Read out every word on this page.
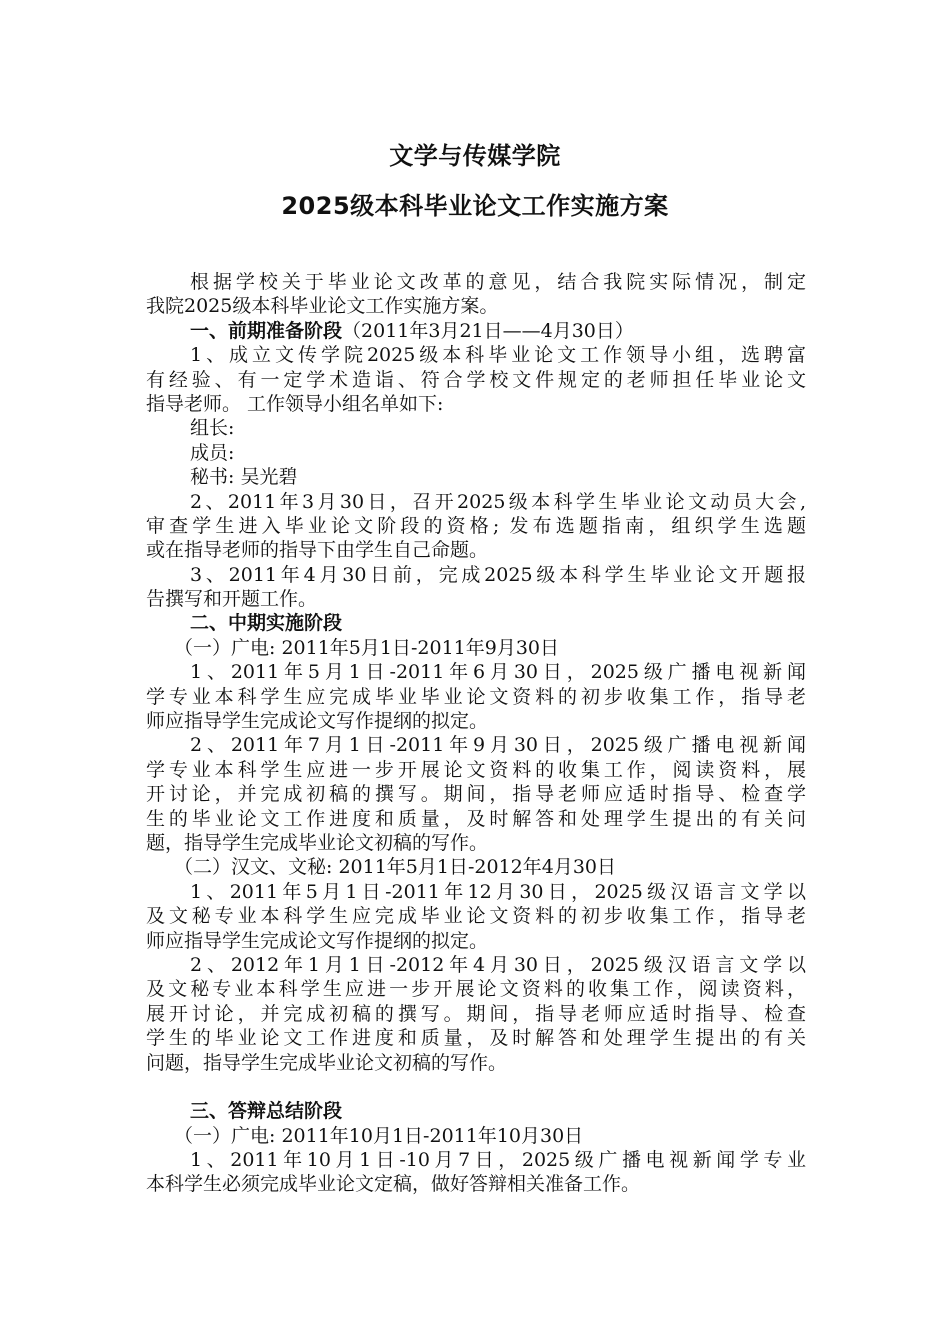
文学与传媒学院
2025级本科毕业论文工作实施方案
根据学校关于毕业论文改革的意见，结合我院实际情况，制定
我院2025级本科毕业论文工作实施方案。
一、前期准备阶段（2011年3月21日——4月30日）
1、成立文传学院2025级本科毕业论文工作领导小组，选聘富
有经验、有一定学术造诣、符合学校文件规定的老师担任毕业论文
指导老师。 工作领导小组名单如下:
组长:
成员:
秘书: 吴光碧
2、2011年3月30日，召开2025级本科学生毕业论文动员大会,
审查学生进入毕业论文阶段的资格; 发布选题指南，组织学生选题
或在指导老师的指导下由学生自己命题。
3、2011年4月30日前，完成2025级本科学生毕业论文开题报
告撰写和开题工作。
二、中期实施阶段
（一）广电: 2011年5月1日-2011年9月30日
1、2011年5月1日-2011年6月30日，2025级广播电视新闻
学专业本科学生应完成毕业毕业论文资料的初步收集工作，指导老
师应指导学生完成论文写作提纲的拟定。
2、2011年7月1日-2011年9月30日，2025级广播电视新闻
学专业本科学生应进一步开展论文资料的收集工作，阅读资料，展
开讨论，并完成初稿的撰写。期间，指导老师应适时指导、检查学
生的毕业论文工作进度和质量，及时解答和处理学生提出的有关问
题，指导学生完成毕业论文初稿的写作。
（二）汉文、文秘: 2011年5月1日-2012年4月30日
1、2011年5月1日-2011年12月30日，2025级汉语言文学以
及文秘专业本科学生应完成毕业论文资料的初步收集工作，指导老
师应指导学生完成论文写作提纲的拟定。
2、2012年1月1日-2012年4月30日，2025级汉语言文学以
及文秘专业本科学生应进一步开展论文资料的收集工作，阅读资料，
展开讨论，并完成初稿的撰写。期间，指导老师应适时指导、检查
学生的毕业论文工作进度和质量，及时解答和处理学生提出的有关
问题，指导学生完成毕业论文初稿的写作。
三、答辩总结阶段
（一）广电: 2011年10月1日-2011年10月30日
1、2011年10月1日-10月7日，2025级广播电视新闻学专业
本科学生必须完成毕业论文定稿，做好答辩相关准备工作。
